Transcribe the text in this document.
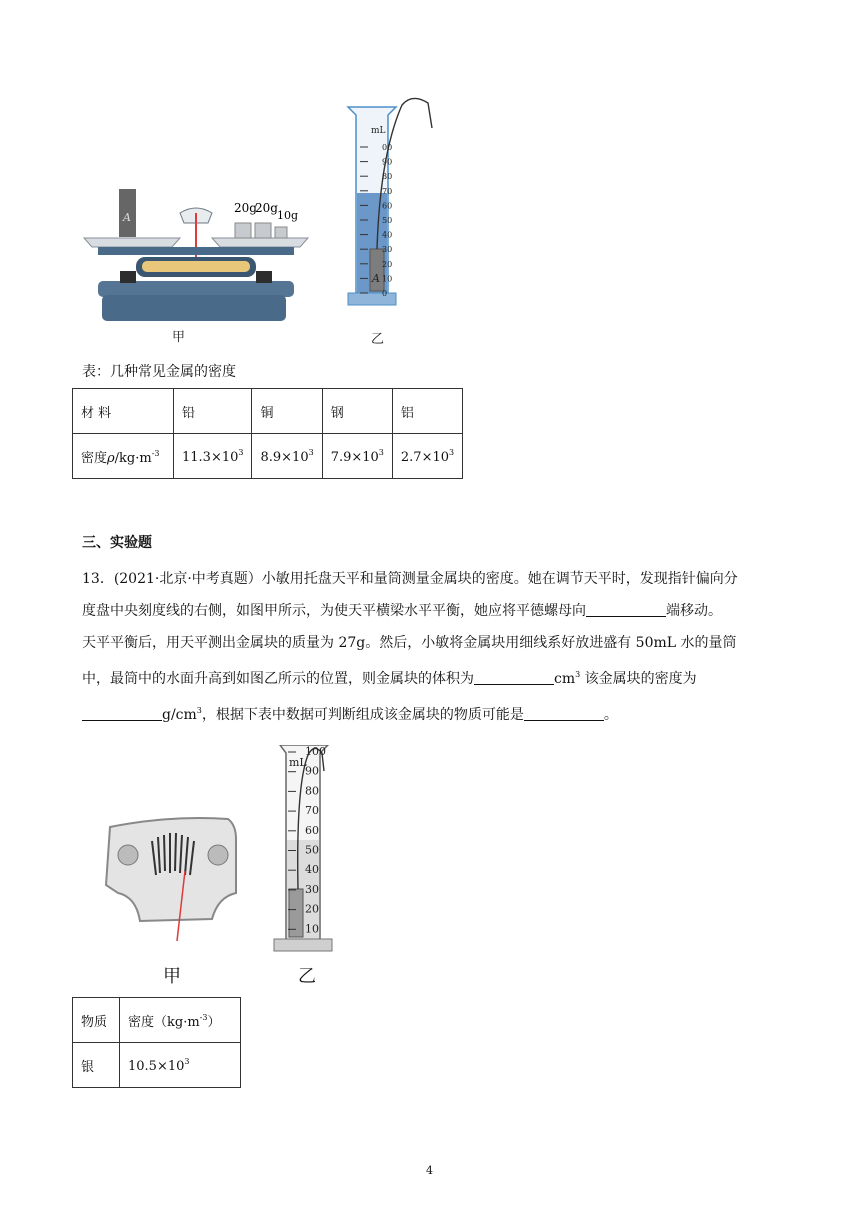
A
20g
20g
10g
A
mL
00
90
80
70
60
50
40
30
20
10
0
甲	乙
表：几种常见金属的密度
材 料	铅	铜	钢	铝
密度$\rho/kg\cdot m^{-3}$	$11.3\times 10^3$	$8.9\times 10^3$	$7.9\times 10^3$	$2.7\times 10^3$
三、实验题
13．(2021·北京·中考真题）小敏用托盘天平和量筒测量金属块的密度。她在调节天平时，发现指针偏向分
度盘中央刻度线的右侧，如图甲所示，为使天平横梁水平平衡，她应将平德螺母向	端移动。
天平平衡后，用天平测出金属块的质量为 27g。然后，小敏将金属块用细线系好放进盛有 50mL 水的量筒
中，最筒中的水面升高到如图乙所示的位置，则金属块的体积为	$cm^3$ 该金属块的密度为
$g/cm^3$，根据下表中数据可判断组成该金属块的物质可能是	。
mL
100
90
80
70
60
50
40
30
20
10
甲	乙
物质	密度$(kg\cdot m^{-3})$
银	$10.5\times 10^3$
4
